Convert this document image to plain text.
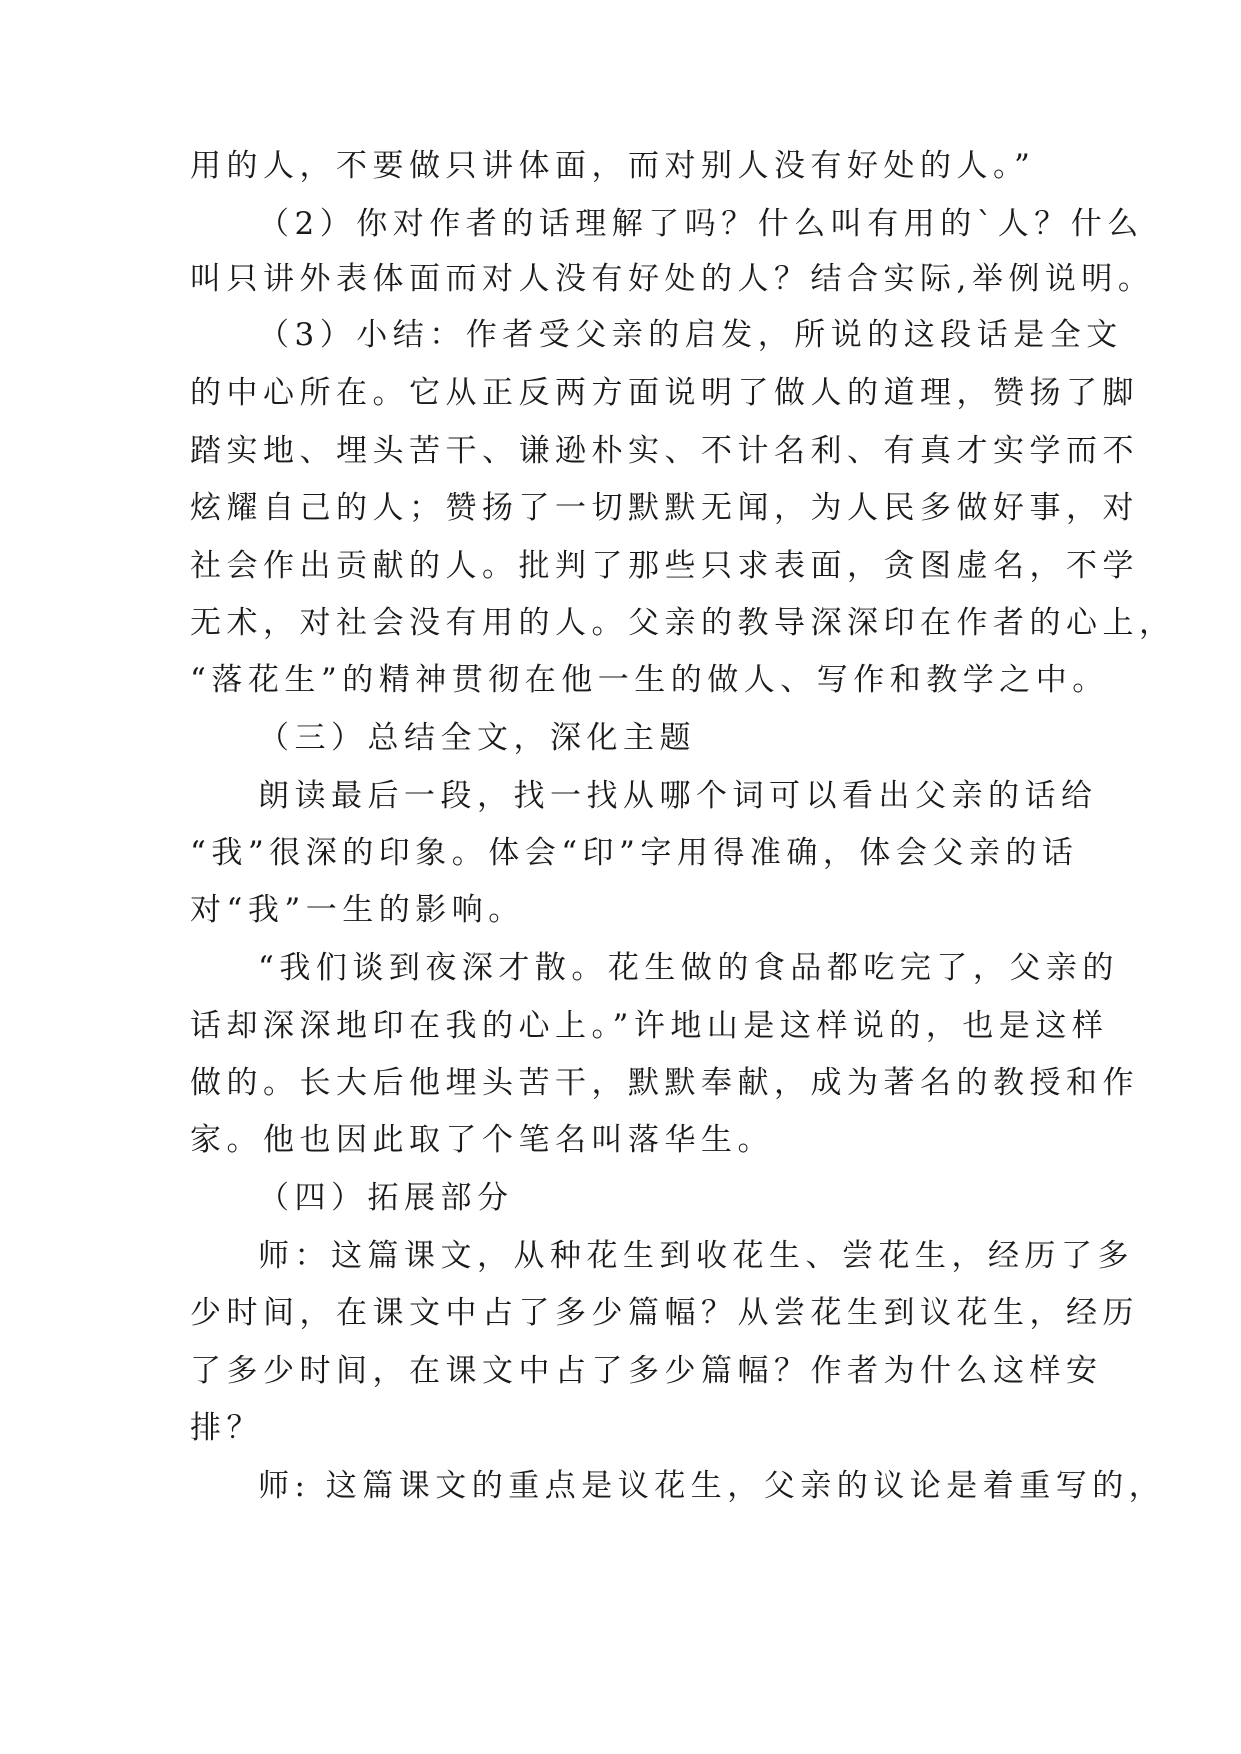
用的人，不要做只讲体面，而对别人没有好处的人。”
（2）你对作者的话理解了吗？什么叫有用的`人？什么
叫只讲外表体面而对人没有好处的人？结合实际,举例说明。
（3）小结：作者受父亲的启发，所说的这段话是全文
的中心所在。它从正反两方面说明了做人的道理，赞扬了脚
踏实地、埋头苦干、谦逊朴实、不计名利、有真才实学而不
炫耀自己的人；赞扬了一切默默无闻，为人民多做好事，对
社会作出贡献的人。批判了那些只求表面，贪图虚名，不学
无术，对社会没有用的人。父亲的教导深深印在作者的心上，
“落花生”的精神贯彻在他一生的做人、写作和教学之中。
（三）总结全文，深化主题
朗读最后一段，找一找从哪个词可以看出父亲的话给
“我”很深的印象。体会“印”字用得准确，体会父亲的话
对“我”一生的影响。
“我们谈到夜深才散。花生做的食品都吃完了，父亲的
话却深深地印在我的心上。”许地山是这样说的，也是这样
做的。长大后他埋头苦干，默默奉献，成为著名的教授和作
家。他也因此取了个笔名叫落华生。
（四）拓展部分
师：这篇课文，从种花生到收花生、尝花生，经历了多
少时间，在课文中占了多少篇幅？从尝花生到议花生，经历
了多少时间，在课文中占了多少篇幅？作者为什么这样安
排？
师: 这篇课文的重点是议花生，父亲的议论是着重写的，
